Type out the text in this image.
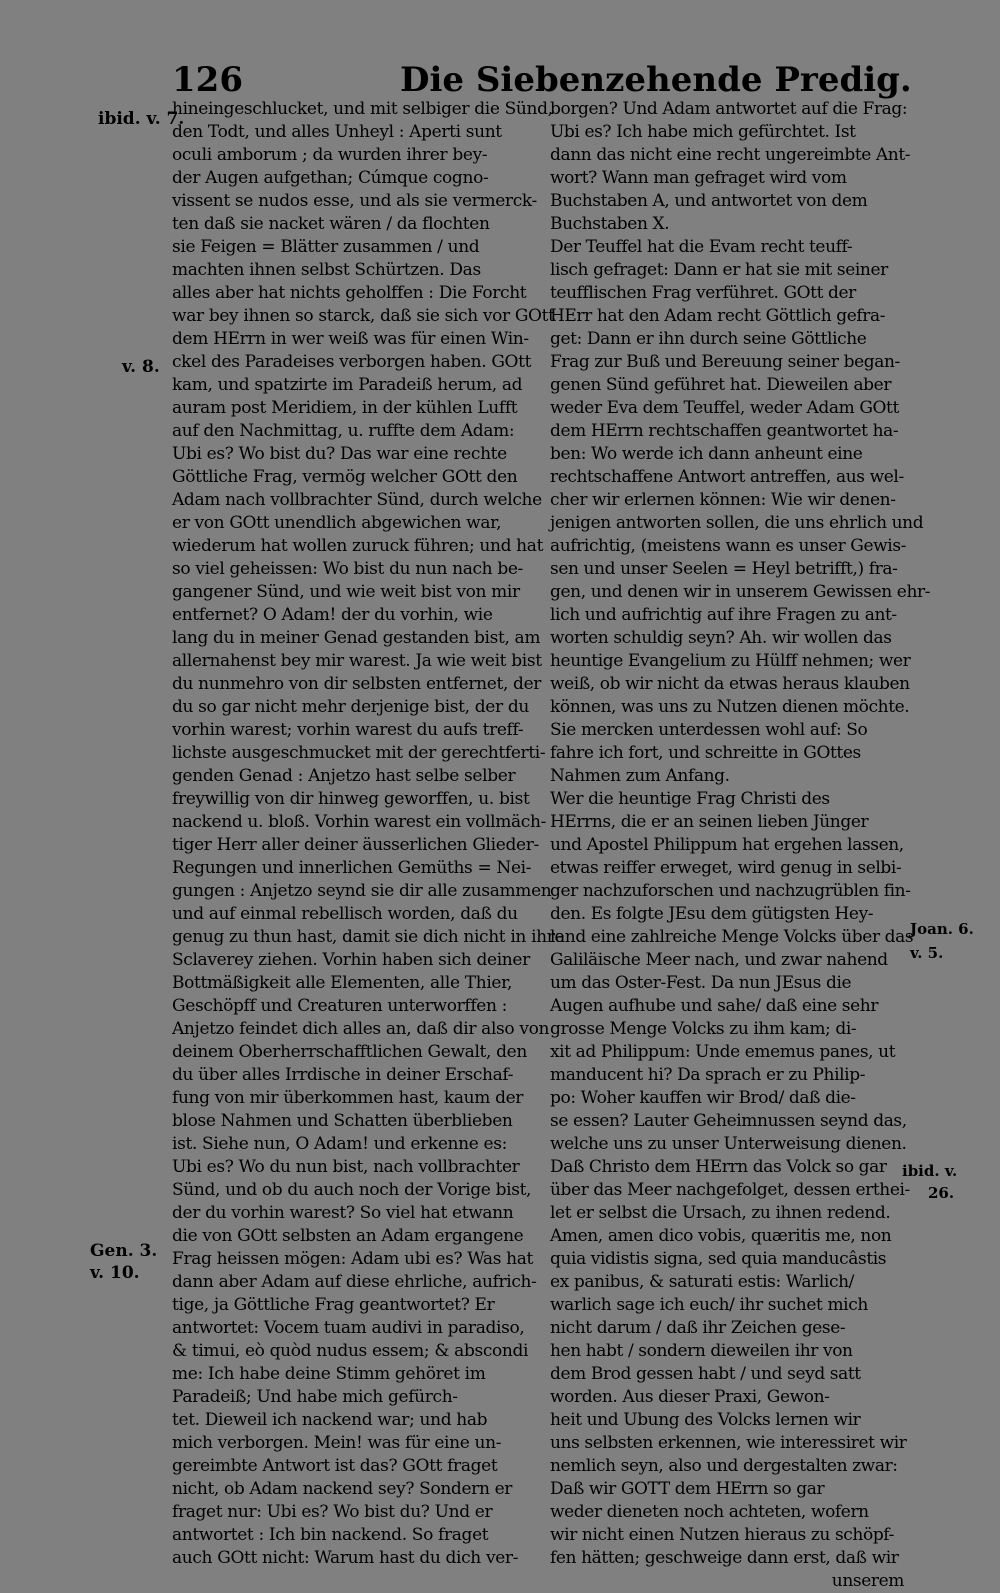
126	Die Siebenzehende Predig.
ibid. v. 7.
v. 8.
Gen. 3.
v. 10.
Joan. 6.
v. 5.
ibid. v.
26.
hineingeschlucket, und mit selbiger die Sünd,
den Todt, und alles Unheyl : Aperti sunt
oculi amborum ; da wurden ihrer bey-
der Augen aufgethan; Cúmque cogno-
vissent se nudos esse, und als sie vermerck-
ten daß sie nacket wären / da flochten
sie Feigen = Blätter zusammen / und
machten ihnen selbst Schürtzen. Das
alles aber hat nichts geholffen : Die Forcht
war bey ihnen so starck, daß sie sich vor GOtt
dem HErrn in wer weiß was für einen Win-
ckel des Paradeises verborgen haben. GOtt
kam, und spatzirte im Paradeiß herum, ad
auram post Meridiem, in der kühlen Lufft
auf den Nachmittag, u. ruffte dem Adam:
Ubi es? Wo bist du? Das war eine rechte
Göttliche Frag, vermög welcher GOtt den
Adam nach vollbrachter Sünd, durch welche
er von GOtt unendlich abgewichen war,
wiederum hat wollen zuruck führen; und hat
so viel geheissen: Wo bist du nun nach be-
gangener Sünd, und wie weit bist von mir
entfernet? O Adam! der du vorhin, wie
lang du in meiner Genad gestanden bist, am
allernahenst bey mir warest. Ja wie weit bist
du nunmehro von dir selbsten entfernet, der
du so gar nicht mehr derjenige bist, der du
vorhin warest; vorhin warest du aufs treff-
lichste ausgeschmucket mit der gerechtferti-
genden Genad : Anjetzo hast selbe selber
freywillig von dir hinweg geworffen, u. bist
nackend u. bloß. Vorhin warest ein vollmäch-
tiger Herr aller deiner äusserlichen Glieder-
Regungen und innerlichen Gemüths = Nei-
gungen : Anjetzo seynd sie dir alle zusammen
und auf einmal rebellisch worden, daß du
genug zu thun hast, damit sie dich nicht in ihre
Sclaverey ziehen. Vorhin haben sich deiner
Bottmäßigkeit alle Elementen, alle Thier,
Geschöpff und Creaturen unterworffen :
Anjetzo feindet dich alles an, daß dir also von
deinem Oberherrschafftlichen Gewalt, den
du über alles Irrdische in deiner Erschaf-
fung von mir überkommen hast, kaum der
blose Nahmen und Schatten überblieben
ist. Siehe nun, O Adam! und erkenne es:
Ubi es? Wo du nun bist, nach vollbrachter
Sünd, und ob du auch noch der Vorige bist,
der du vorhin warest? So viel hat etwann
die von GOtt selbsten an Adam ergangene
Frag heissen mögen: Adam ubi es? Was hat
dann aber Adam auf diese ehrliche, aufrich-
tige, ja Göttliche Frag geantwortet? Er
antwortet: Vocem tuam audivi in paradiso,
& timui, eò quòd nudus essem; & abscondi
me: Ich habe deine Stimm gehöret im
Paradeiß; Und habe mich gefürch-
tet. Dieweil ich nackend war; und hab
mich verborgen. Mein! was für eine un-
gereimbte Antwort ist das? GOtt fraget
nicht, ob Adam nackend sey? Sondern er
fraget nur: Ubi es? Wo bist du? Und er
antwortet : Ich bin nackend. So fraget
auch GOtt nicht: Warum hast du dich ver-
borgen? Und Adam antwortet auf die Frag:
Ubi es? Ich habe mich gefürchtet. Ist
dann das nicht eine recht ungereimbte Ant-
wort? Wann man gefraget wird vom
Buchstaben A, und antwortet von dem
Buchstaben X.
Der Teuffel hat die Evam recht teuff-
lisch gefraget: Dann er hat sie mit seiner
teufflischen Frag verführet. GOtt der
HErr hat den Adam recht Göttlich gefra-
get: Dann er ihn durch seine Göttliche
Frag zur Buß und Bereuung seiner began-
genen Sünd geführet hat. Dieweilen aber
weder Eva dem Teuffel, weder Adam GOtt
dem HErrn rechtschaffen geantwortet ha-
ben: Wo werde ich dann anheunt eine
rechtschaffene Antwort antreffen, aus wel-
cher wir erlernen können: Wie wir denen-
jenigen antworten sollen, die uns ehrlich und
aufrichtig, (meistens wann es unser Gewis-
sen und unser Seelen = Heyl betrifft,) fra-
gen, und denen wir in unserem Gewissen ehr-
lich und aufrichtig auf ihre Fragen zu ant-
worten schuldig seyn? Ah. wir wollen das
heuntige Evangelium zu Hülff nehmen; wer
weiß, ob wir nicht da etwas heraus klauben
können, was uns zu Nutzen dienen möchte.
Sie mercken unterdessen wohl auf: So
fahre ich fort, und schreitte in GOttes
Nahmen zum Anfang.
Wer die heuntige Frag Christi des
HErrns, die er an seinen lieben Jünger
und Apostel Philippum hat ergehen lassen,
etwas reiffer erweget, wird genug in selbi-
ger nachzuforschen und nachzugrüblen fin-
den. Es folgte JEsu dem gütigsten Hey-
land eine zahlreiche Menge Volcks über das
Galiläische Meer nach, und zwar nahend
um das Oster-Fest. Da nun JEsus die
Augen aufhube und sahe/ daß eine sehr
grosse Menge Volcks zu ihm kam; di-
xit ad Philippum: Unde ememus panes, ut
manducent hi? Da sprach er zu Philip-
po: Woher kauffen wir Brod/ daß die-
se essen? Lauter Geheimnussen seynd das,
welche uns zu unser Unterweisung dienen.
Daß Christo dem HErrn das Volck so gar
über das Meer nachgefolget, dessen erthei-
let er selbst die Ursach, zu ihnen redend.
Amen, amen dico vobis, quæritis me, non
quia vidistis signa, sed quia manducâstis
ex panibus, & saturati estis: Warlich/
warlich sage ich euch/ ihr suchet mich
nicht darum / daß ihr Zeichen gese-
hen habt / sondern dieweilen ihr von
dem Brod gessen habt / und seyd satt
worden. Aus dieser Praxi, Gewon-
heit und Ubung des Volcks lernen wir
uns selbsten erkennen, wie interessiret wir
nemlich seyn, also und dergestalten zwar:
Daß wir GOTT dem HErrn so gar
weder dieneten noch achteten, wofern
wir nicht einen Nutzen hieraus zu schöpf-
fen hätten; geschweige dann erst, daß wir
unserem
